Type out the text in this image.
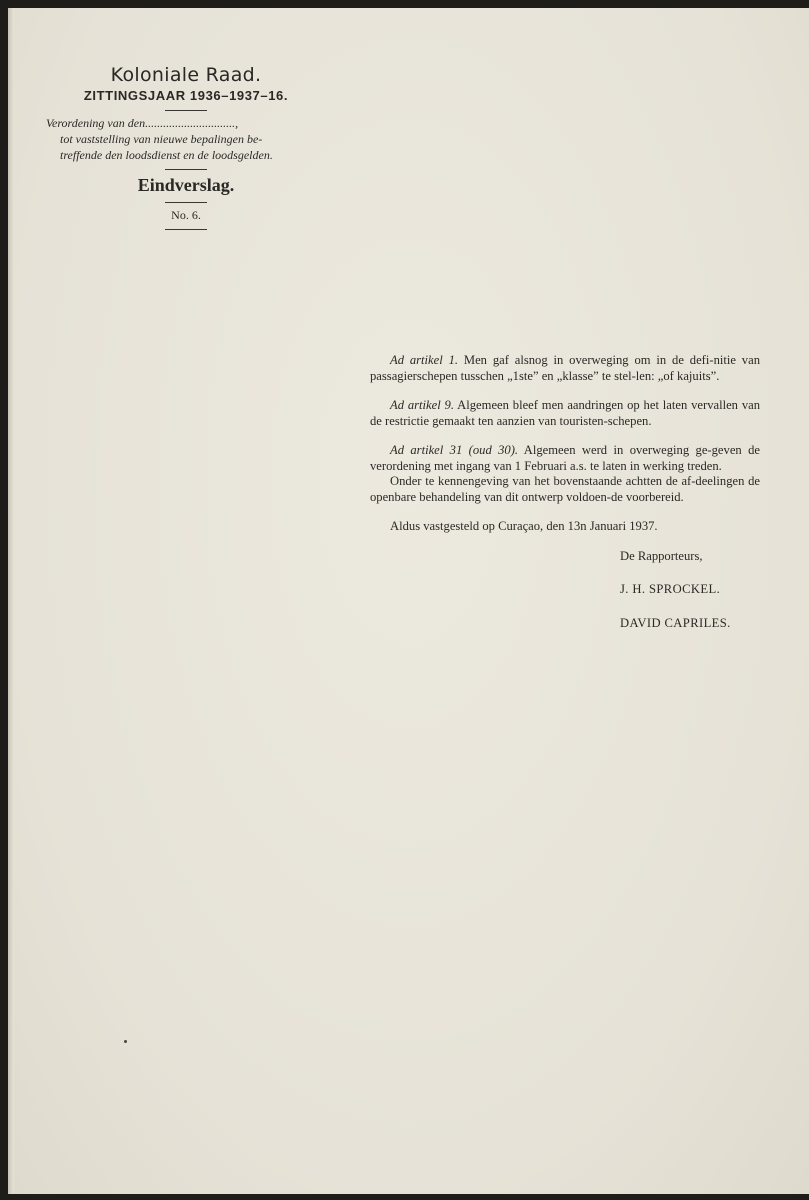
Koloniale Raad.

ZITTINGSJAAR 1936–1937–16.

Verordening van den..............................,
tot vaststelling van nieuwe bepalingen be-
treffende den loodsdienst en de loodsgelden.

Eindverslag.

No. 6.

Ad artikel 1. Men gaf alsnog in overweging om in de defi-nitie van passagierschepen tusschen „1ste” en „klasse” te stel-len: „of kajuits”.

Ad artikel 9. Algemeen bleef men aandringen op het laten vervallen van de restrictie gemaakt ten aanzien van touristen-schepen.

Ad artikel 31 (oud 30). Algemeen werd in overweging ge-geven de verordening met ingang van 1 Februari a.s. te laten in werking treden.

Onder te kennengeving van het bovenstaande achtten de af-deelingen de openbare behandeling van dit ontwerp voldoen-de voorbereid.

Aldus vastgesteld op Curaçao, den 13n Januari 1937.

De Rapporteurs,

J. H. SPROCKEL.

DAVID CAPRILES.
